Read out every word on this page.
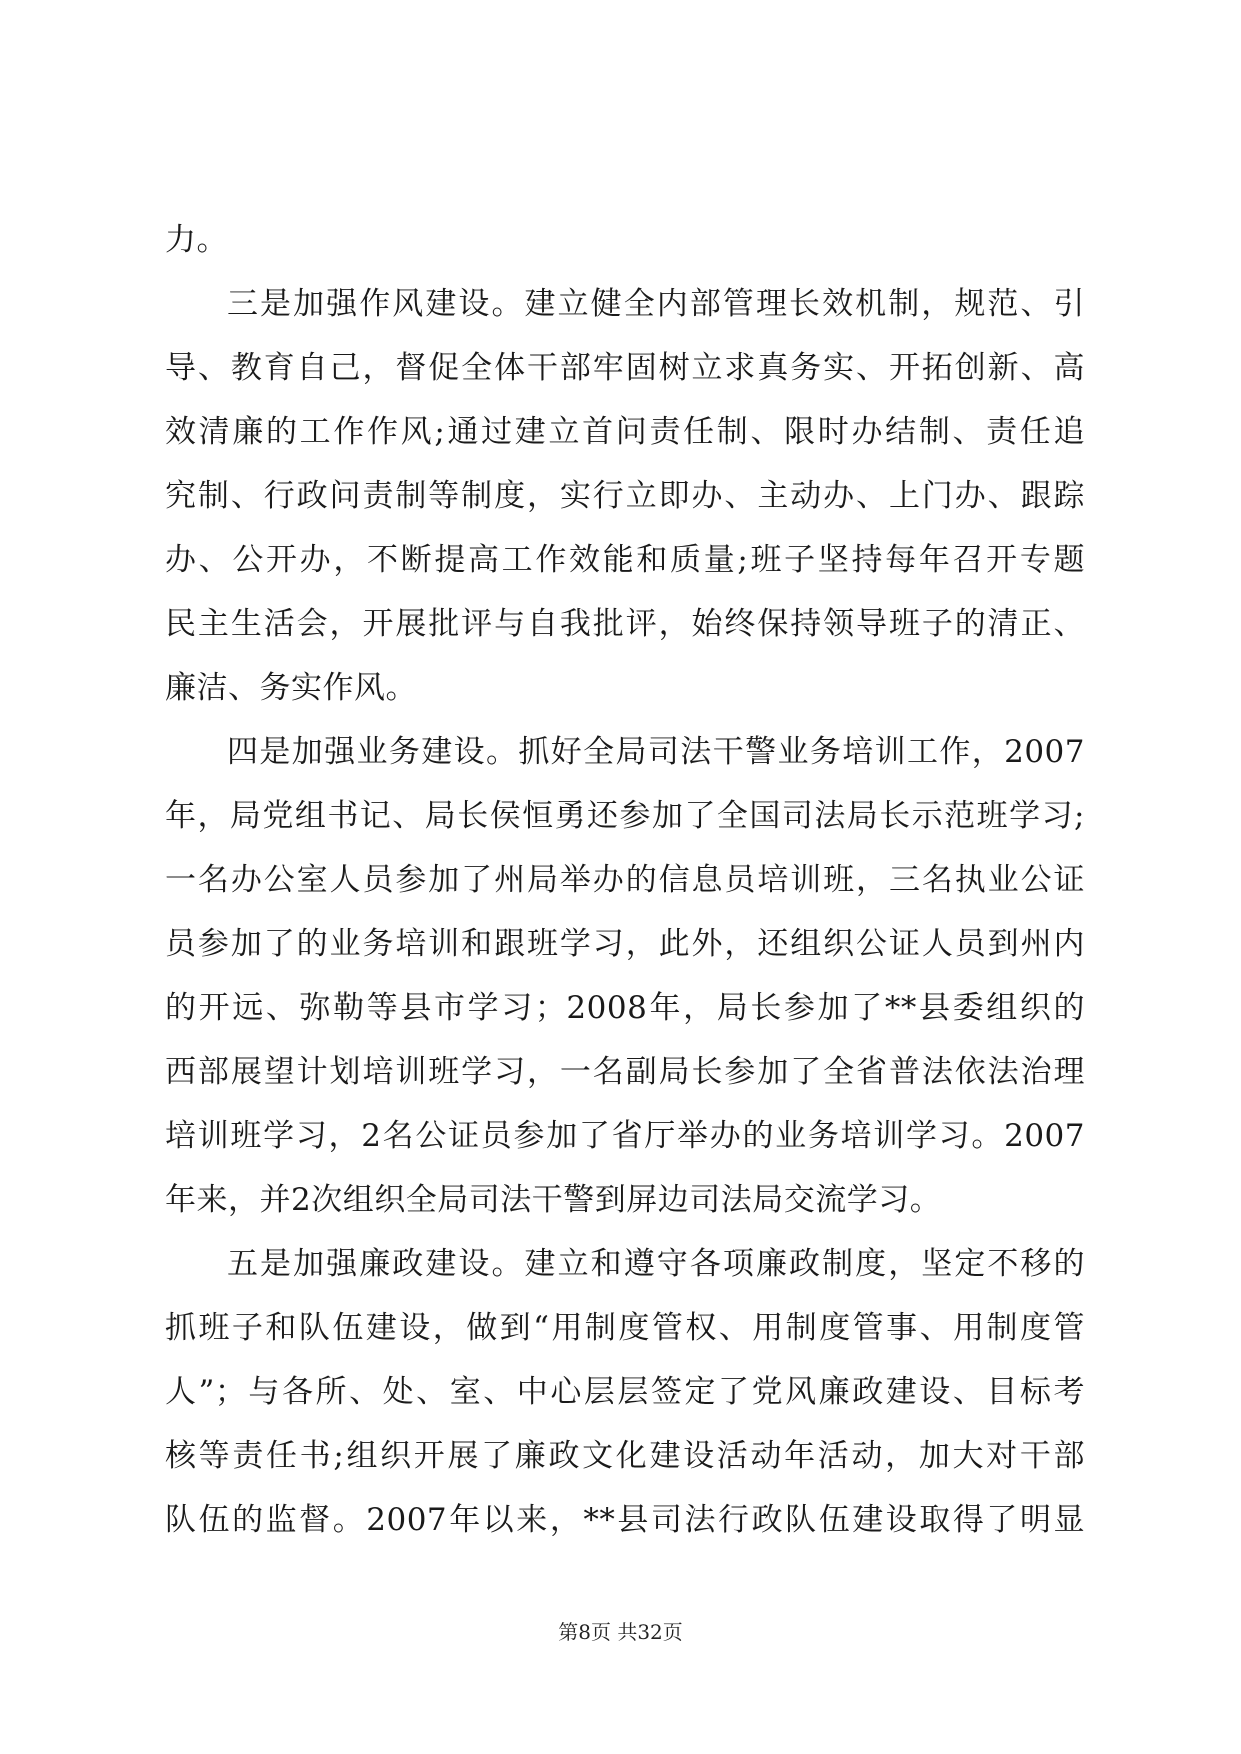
力。
三是加强作风建设。建立健全内部管理长效机制，规范、引
导、教育自己，督促全体干部牢固树立求真务实、开拓创新、高
效清廉的工作作风;通过建立首问责任制、限时办结制、责任追
究制、行政问责制等制度，实行立即办、主动办、上门办、跟踪
办、公开办，不断提高工作效能和质量;班子坚持每年召开专题
民主生活会，开展批评与自我批评，始终保持领导班子的清正、
廉洁、务实作风。
四是加强业务建设。抓好全局司法干警业务培训工作，2007
年，局党组书记、局长侯恒勇还参加了全国司法局长示范班学习;
一名办公室人员参加了州局举办的信息员培训班，三名执业公证
员参加了的业务培训和跟班学习，此外，还组织公证人员到州内
的开远、弥勒等县市学习；2008年，局长参加了**县委组织的
西部展望计划培训班学习，一名副局长参加了全省普法依法治理
培训班学习，2名公证员参加了省厅举办的业务培训学习。2007
年来，并2次组织全局司法干警到屏边司法局交流学习。
五是加强廉政建设。建立和遵守各项廉政制度，坚定不移的
抓班子和队伍建设，做到“用制度管权、用制度管事、用制度管
人”；与各所、处、室、中心层层签定了党风廉政建设、目标考
核等责任书;组织开展了廉政文化建设活动年活动，加大对干部
队伍的监督。2007年以来，**县司法行政队伍建设取得了明显
第8页 共32页
